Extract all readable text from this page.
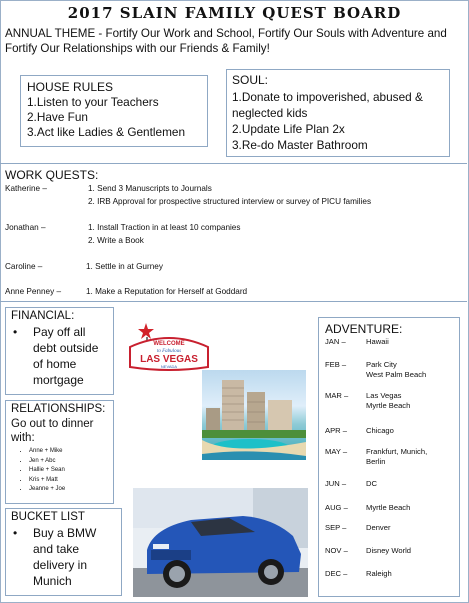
2017 SLAIN FAMILY QUEST BOARD
ANNUAL THEME - Fortify Our Work and School, Fortify Our Souls with Adventure and Fortify Our Relationships with our Friends & Family!
HOUSE RULES
1.Listen to your Teachers
2.Have Fun
3.Act like Ladies & Gentlemen
SOUL:
1.Donate to impoverished, abused & neglected kids
2.Update Life Plan 2x
3.Re-do Master Bathroom
WORK QUESTS:
Katherine –	1. Send 3 Manuscripts to Journals
2. IRB Approval for prospective structured interview or survey of PICU families
Jonathan –	1. Install Traction in at least 10 companies
2. Write a Book
Caroline –	1. Settle in at Gurney
Anne Penney –	1. Make a Reputation for Herself at Goddard
FINANCIAL:
• Pay off all debt outside of home mortgage
RELATIONSHIPS:
Go out to dinner with:
• Anne + Mike
• Jen + Abc
• Hallie + Sean
• Kris + Matt
• Jeanne + Joe
BUCKET LIST
• Buy a BMW and take delivery in Munich
WELCOME
to Fabulous
LAS VEGAS
NEVADA
ADVENTURE:
JAN –	Hawaii
FEB –	Park City
West Palm Beach
MAR – Las Vegas
Myrtle Beach
APR –	Chicago
MAY – Frankfurt, Munich,
Berlin
JUN –	DC
AUG – Myrtle Beach
SEP –	Denver
NOV – Disney World
DEC – Raleigh
